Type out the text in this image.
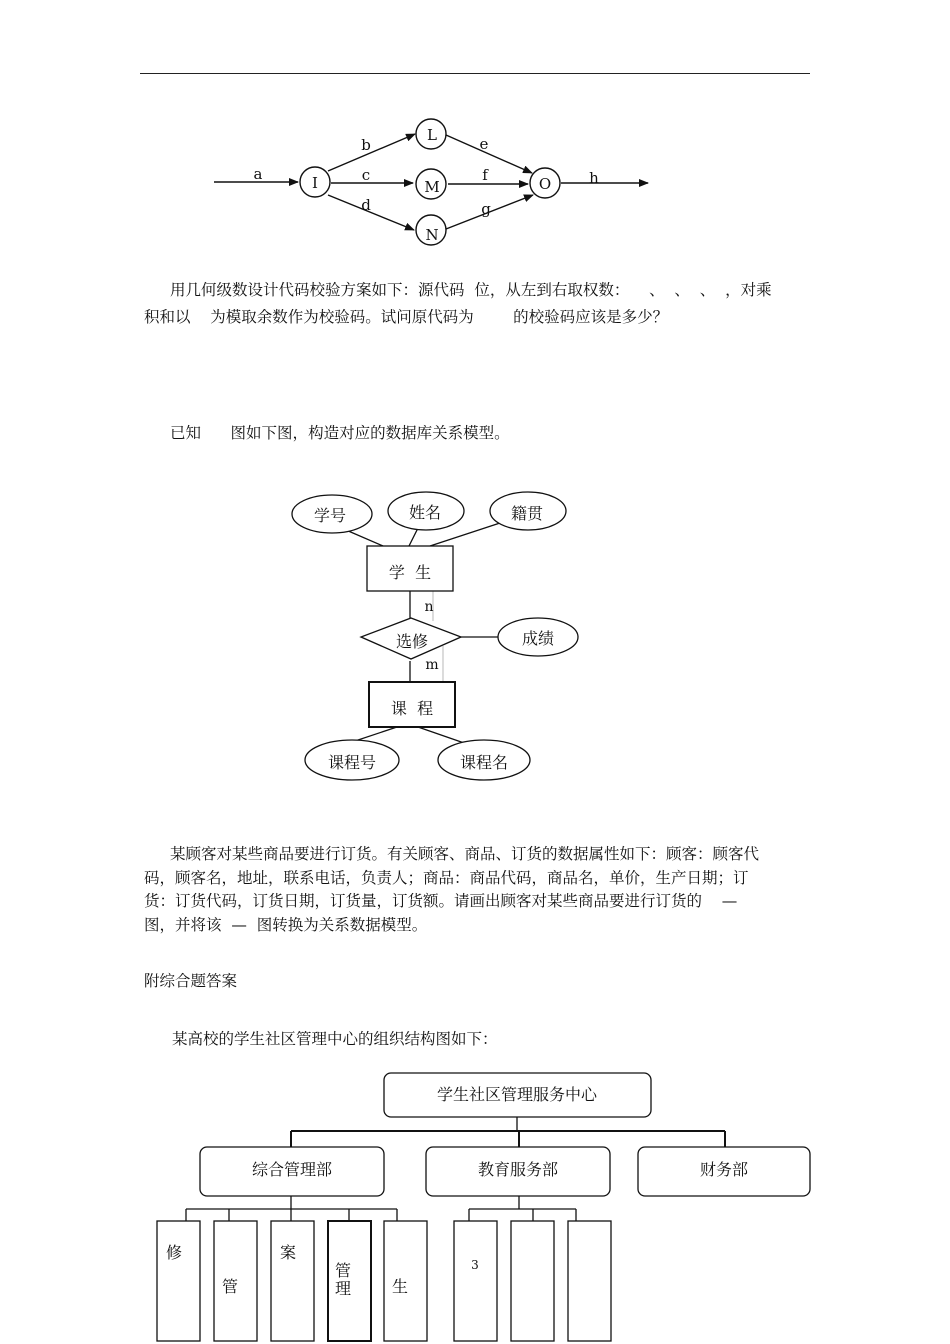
I
L
M
N
O
a
b
c
d
e
f
g
h
学号	姓名	籍贯
学  生
选修	成绩
课  程
课程号	课程名
n
m
学生社区管理服务中心
综合管理部	教育服务部	财务部
修
管
案
管
理	生
3
用几何级数设计代码校验方案如下：源代码  位，从左到右取权数：    、  、  、  ，对乘
积和以    为模取余数作为校验码。试问原代码为        的校验码应该是多少？
已知      图如下图，构造对应的数据库关系模型。
某顾客对某些商品要进行订货。有关顾客、商品、订货的数据属性如下：顾客：顾客代
码，顾客名，地址，联系电话，负责人；商品：商品代码，商品名，单价，生产日期；订
货：订货代码，订货日期，订货量，订货额。请画出顾客对某些商品要进行订货的    —
图，并将该  —  图转换为关系数据模型。
附综合题答案
某高校的学生社区管理中心的组织结构图如下：
